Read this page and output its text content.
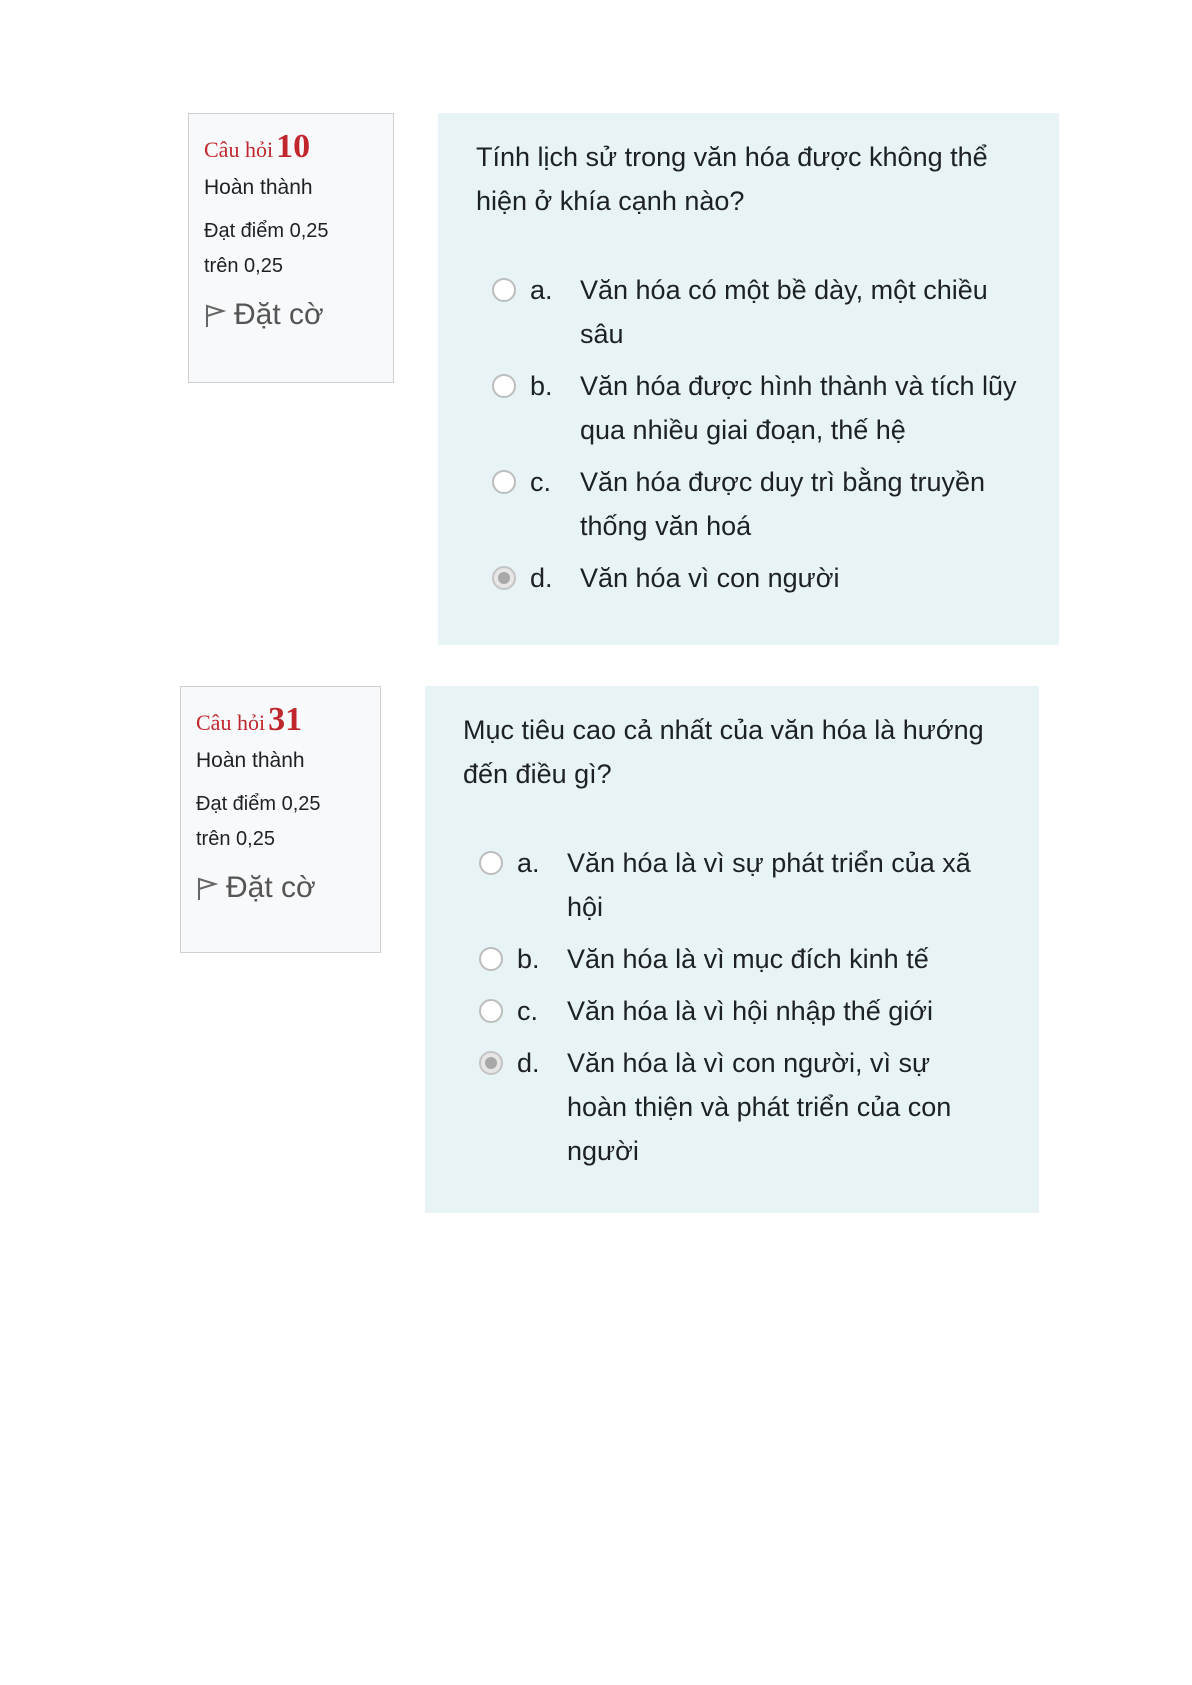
Câu hỏi10
Hoàn thành
Đạt điểm 0,25
trên 0,25
Đặt cờ
Tính lịch sử trong văn hóa được không thể hiện ở khía cạnh nào?
a.	Văn hóa có một bề dày, một chiều sâu
b.	Văn hóa được hình thành và tích lũy qua nhiều giai đoạn, thế hệ
c.	Văn hóa được duy trì bằng truyền thống văn hoá
d.	Văn hóa vì con người
Câu hỏi31
Hoàn thành
Đạt điểm 0,25
trên 0,25
Đặt cờ
Mục tiêu cao cả nhất của văn hóa là hướng đến điều gì?
a.	Văn hóa là vì sự phát triển của xã hội
b.	Văn hóa là vì mục đích kinh tế
c.	Văn hóa là vì hội nhập thế giới
d.	Văn hóa là vì con người, vì sự hoàn thiện và phát triển của con người
